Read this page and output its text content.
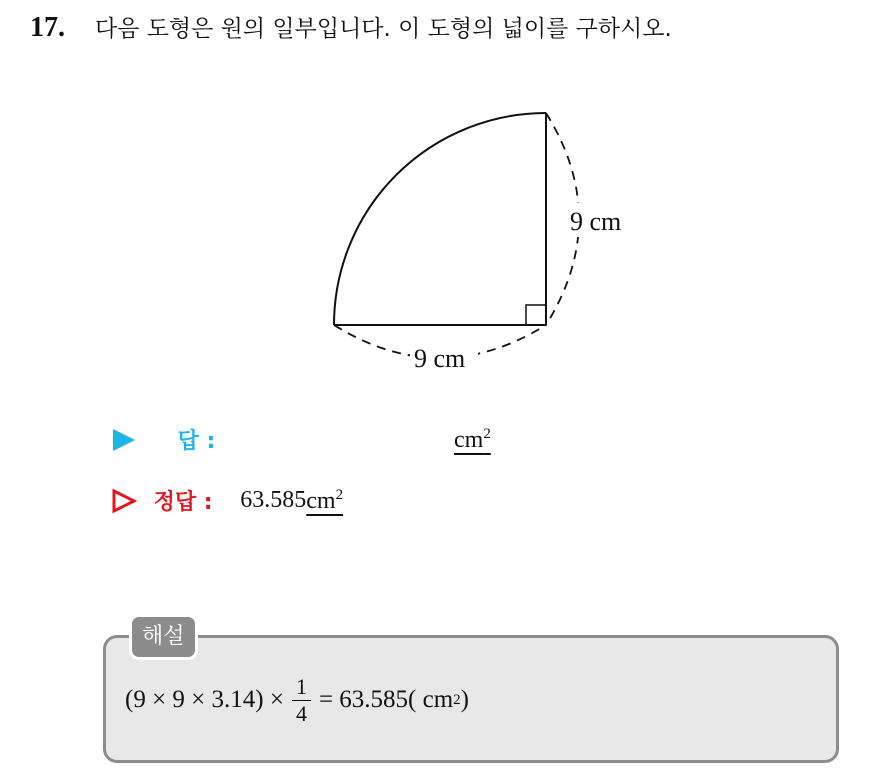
17. 다음 도형은 원의 일부입니다. 이 도형의 넓이를 구하시오.
9 cm
9 cm
답 :	$cm^2$
정답 : $63.585cm^2$
해설
$(9 \times 9 \times 3.14) \times \frac{1}{4} = 63.585$( cm 2 )
